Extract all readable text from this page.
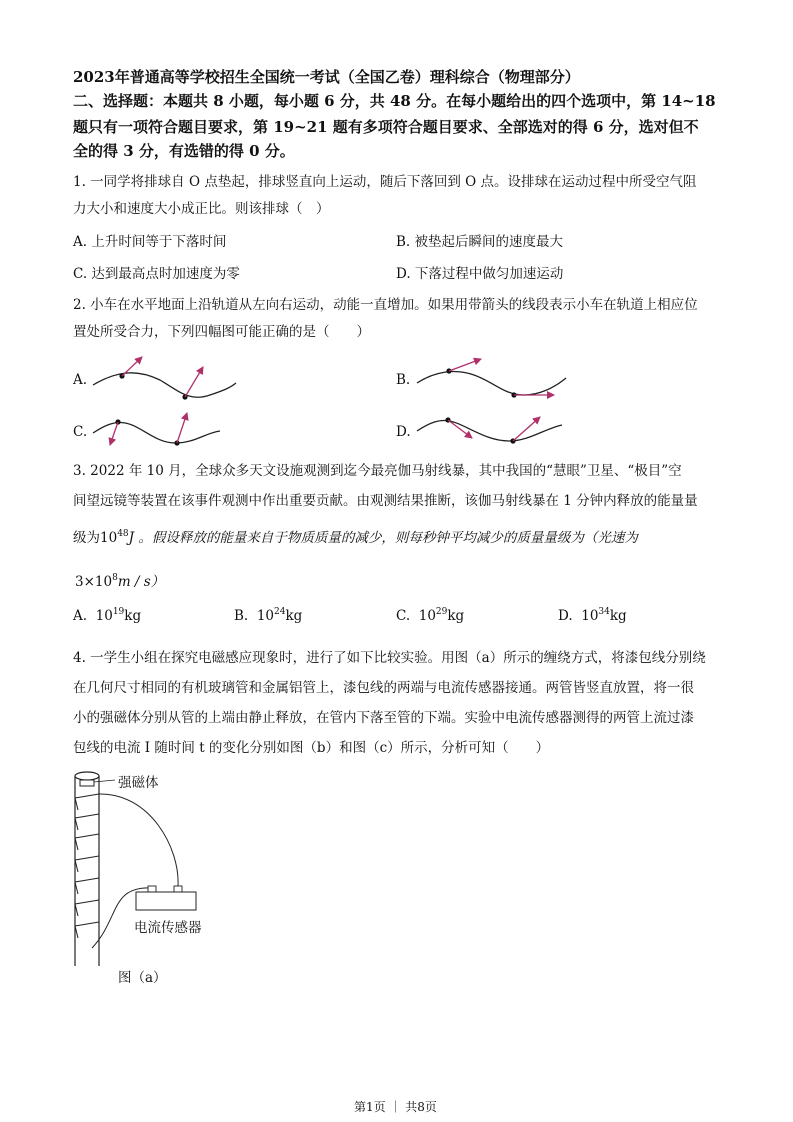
2023年普通高等学校招生全国统一考试（全国乙卷）理科综合（物理部分）
二、选择题：本题共 8 小题，每小题 6 分，共 48 分。在每小题给出的四个选项中，第 14~18
题只有一项符合题目要求，第 19~21 题有多项符合题目要求、全部选对的得 6 分，选对但不
全的得 3 分，有选错的得 0 分。
1. 一同学将排球自 O 点垫起，排球竖直向上运动，随后下落回到 O 点。设排球在运动过程中所受空气阻
力大小和速度大小成正比。则该排球（　）
A. 上升时间等于下落时间	B. 被垫起后瞬间的速度最大
C. 达到最高点时加速度为零	D. 下落过程中做匀加速运动
2. 小车在水平地面上沿轨道从左向右运动，动能一直增加。如果用带箭头的线段表示小车在轨道上相应位
置处所受合力，下列四幅图可能正确的是（　　）
A.	B.
C.	D.
3. 2022 年 10 月，全球众多天文设施观测到迄今最亮伽马射线暴，其中我国的“慧眼”卫星、“极目”空
间望远镜等装置在该事件观测中作出重要贡献。由观测结果推断，该伽马射线暴在 1 分钟内释放的能量量
级为$10^{48}J$ 。假设释放的能量来自于物质质量的减少，则每秒钟平均减少的质量量级为（光速为
$3\times 10^8m / s$）
A. $10^{19}kg$	B. $10^{24}kg$	C. $10^{29}kg$	D. $10^{34}kg$
4. 一学生小组在探究电磁感应现象时，进行了如下比较实验。用图（a）所示的缠绕方式，将漆包线分别绕
在几何尺寸相同的有机玻璃管和金属铝管上，漆包线的两端与电流传感器接通。两管皆竖直放置，将一很
小的强磁体分别从管的上端由静止释放，在管内下落至管的下端。实验中电流传感器测得的两管上流过漆
包线的电流 I 随时间 t 的变化分别如图（b）和图（c）所示，分析可知（　　）
强磁体
电流传感器
图（a）
第1页 ｜ 共8页
